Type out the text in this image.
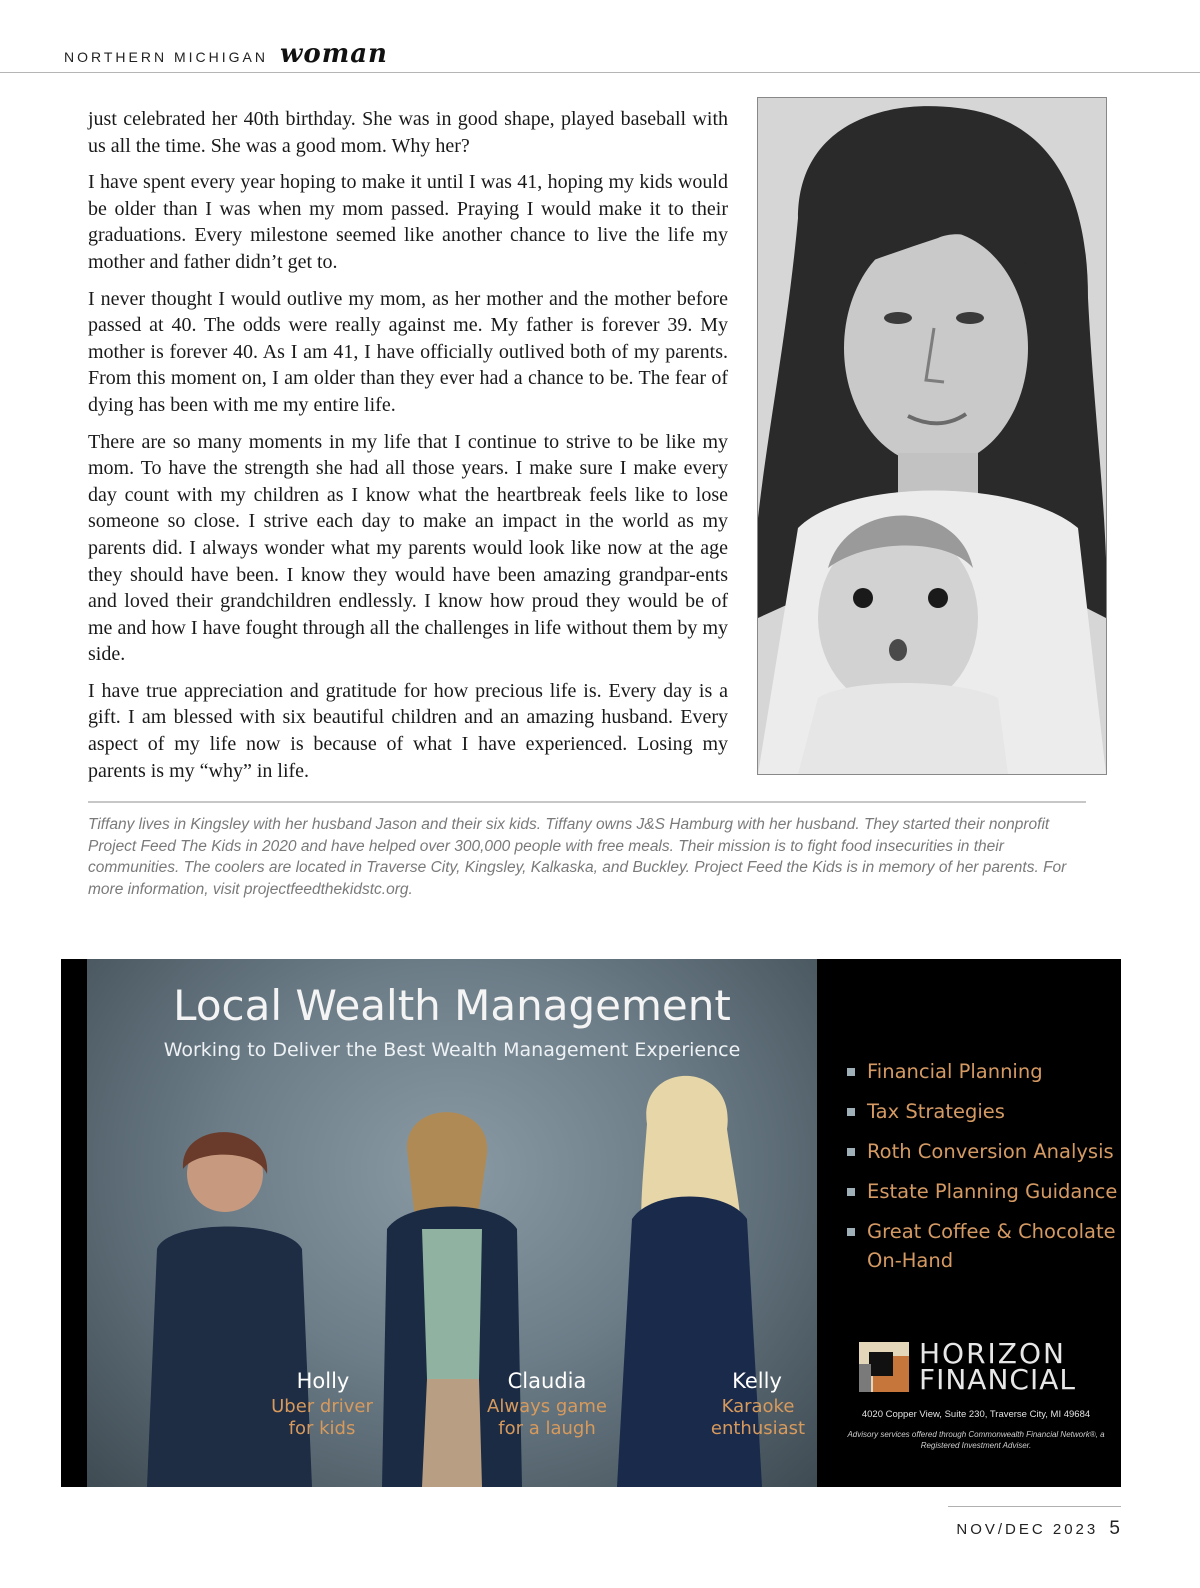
NORTHERN MICHIGAN woman

just celebrated her 40th birthday. She was in good shape, played baseball with us all the time. She was a good mom. Why her?

I have spent every year hoping to make it until I was 41, hoping my kids would be older than I was when my mom passed. Praying I would make it to their graduations. Every milestone seemed like another chance to live the life my mother and father didn’t get to.

I never thought I would outlive my mom, as her mother and the mother before passed at 40. The odds were really against me. My father is forever 39. My mother is forever 40. As I am 41, I have officially outlived both of my parents. From this moment on, I am older than they ever had a chance to be. The fear of dying has been with me my entire life.

There are so many moments in my life that I continue to strive to be like my mom. To have the strength she had all those years. I make sure I make every day count with my children as I know what the heartbreak feels like to lose someone so close. I strive each day to make an impact in the world as my parents did. I always wonder what my parents would look like now at the age they should have been. I know they would have been amazing grandpar-ents and loved their grandchildren endlessly. I know how proud they would be of me and how I have fought through all the challenges in life without them by my side.

I have true appreciation and gratitude for how precious life is. Every day is a gift. I am blessed with six beautiful children and an amazing husband. Every aspect of my life now is because of what I have experienced. Losing my parents is my “why” in life.

Tiffany lives in Kingsley with her husband Jason and their six kids. Tiffany owns J&S Hamburg with her husband. They started their nonprofit Project Feed The Kids in 2020 and have helped over 300,000 people with free meals. Their mission is to fight food insecurities in their communities. The coolers are located in Traverse City, Kingsley, Kalkaska, and Buckley. Project Feed the Kids is in memory of her parents. For more information, visit projectfeedthekidstc.org.

Local Wealth Management
Working to Deliver the Best Wealth Management Experience
Holly
Uber driver
for kids
Claudia
Always game
for a laugh
Kelly
Karaoke
enthusiast
Financial Planning
Tax Strategies
Roth Conversion Analysis
Estate Planning Guidance
Great Coffee & Chocolate
On-Hand
HORIZON
FINANCIAL
4020 Copper View, Suite 230, Traverse City, MI 49684
Advisory services offered through Commonwealth Financial Network®, a Registered Investment Adviser.
NOV/DEC 2023 5
